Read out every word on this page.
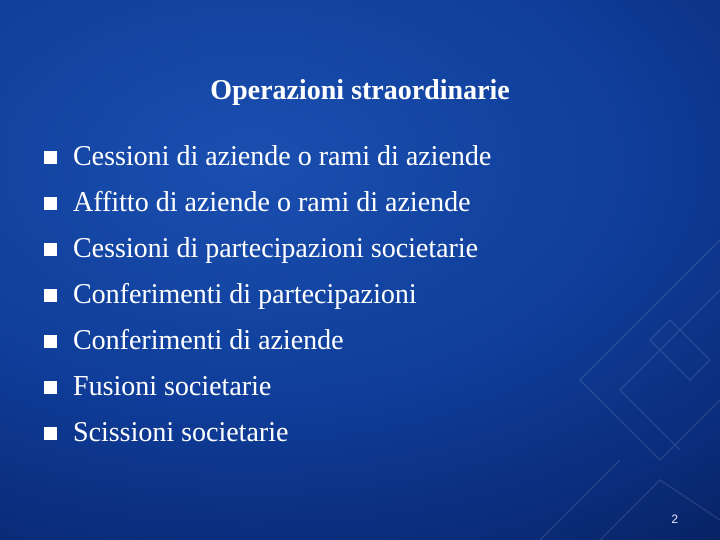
Operazioni straordinarie
Cessioni di aziende o rami di aziende
Affitto di aziende o rami di aziende
Cessioni di partecipazioni societarie
Conferimenti di partecipazioni
Conferimenti di aziende
Fusioni societarie
Scissioni societarie
2
